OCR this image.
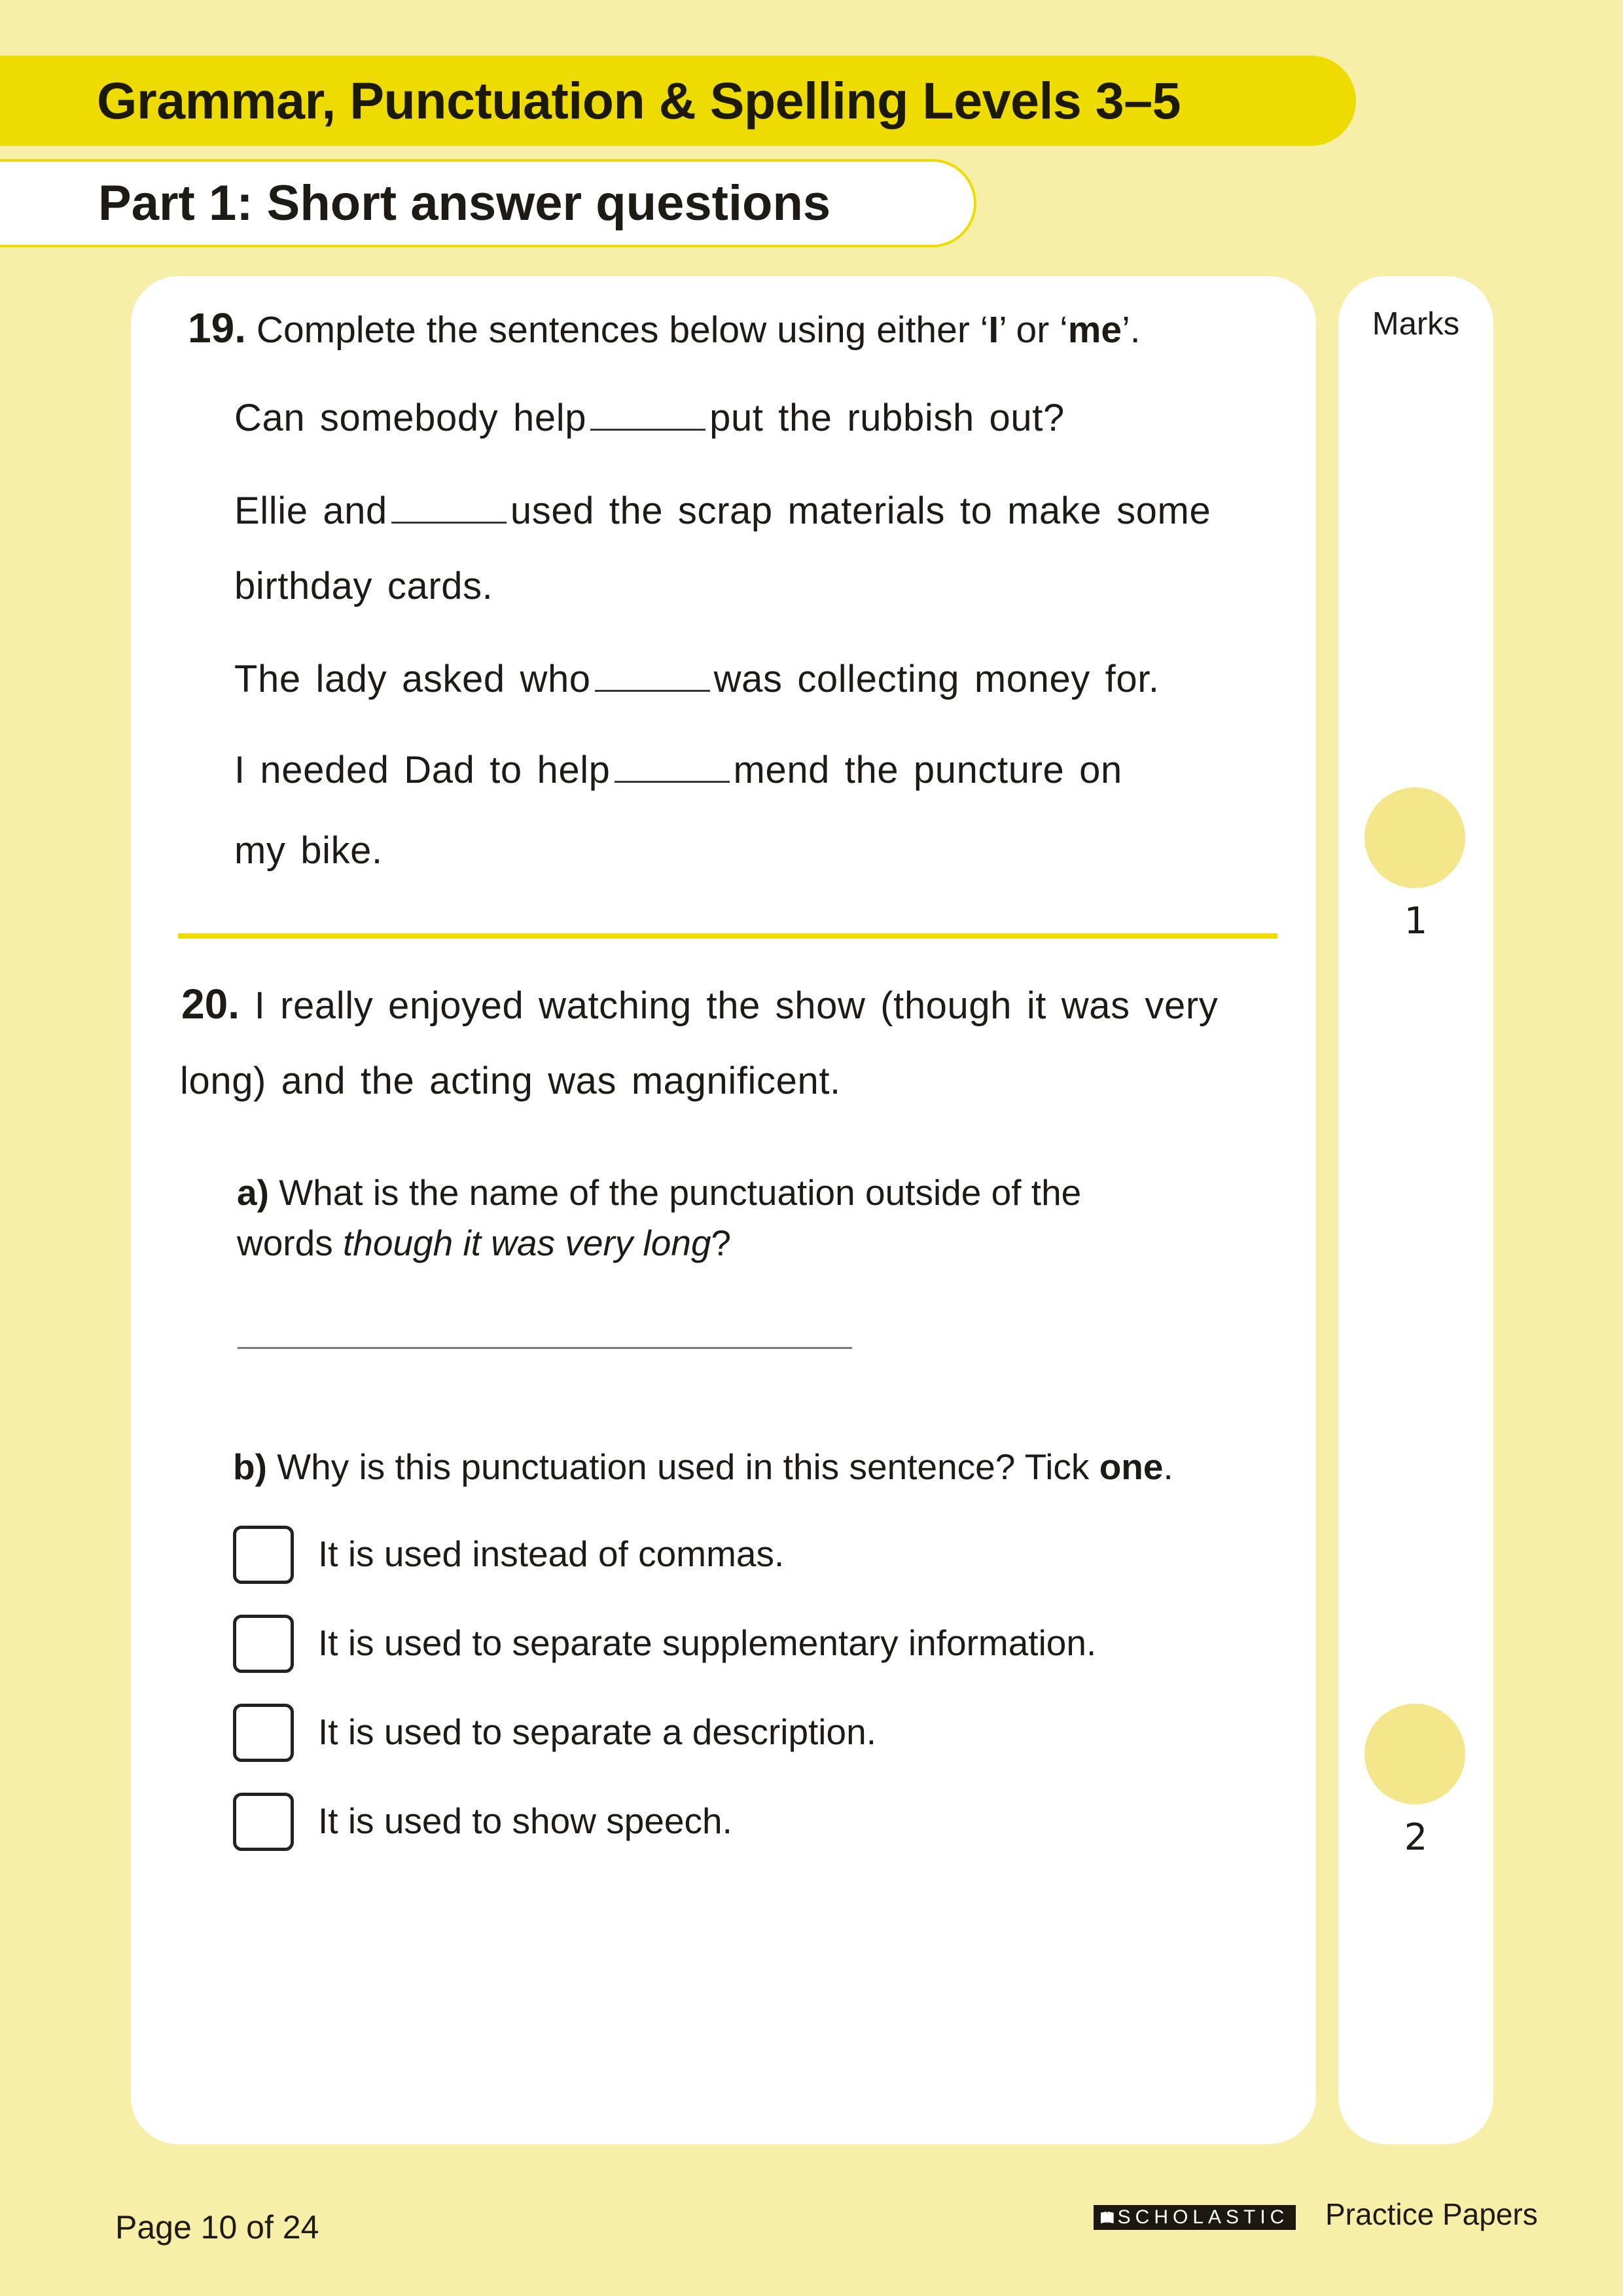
Grammar, Punctuation & Spelling Levels 3–5
Part 1: Short answer questions
19. Complete the sentences below using either ‘I’ or ‘me’.
Can somebody help	put the rubbish out?
Ellie and	used the scrap materials to make some
birthday cards.
The lady asked who	was collecting money for.
I needed Dad to help	mend the puncture on
my bike.
20. I really enjoyed watching the show (though it was very
long) and the acting was magnificent.
a) What is the name of the punctuation outside of the
words though it was very long?
b) Why is this punctuation used in this sentence? Tick one.
It is used instead of commas.
It is used to separate supplementary information.
It is used to separate a description.
It is used to show speech.
Marks
1
2
Page 10 of 24	SCHOLASTIC Practice Papers
